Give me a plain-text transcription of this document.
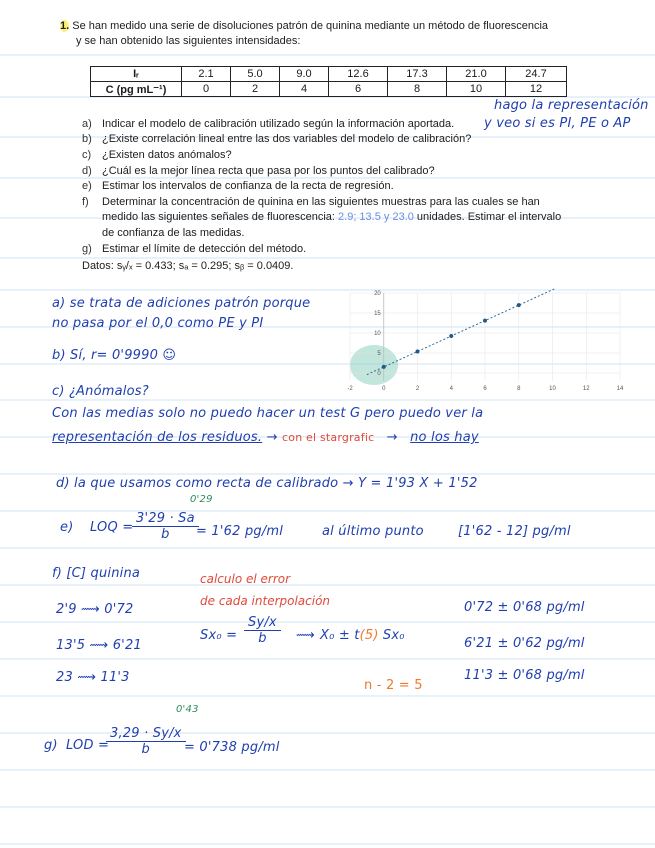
1. Se han medido una serie de disoluciones patrón de quinina mediante un método de fluorescencia
y se han obtenido las siguientes intensidades:
Iᵣ	2.1	5.0	9.0	12.6	17.3	21.0	24.7
C (pg mL⁻¹)	0	2	4	6	8	10	12
hago la representación
y veo si es PI, PE o AP
a) Indicar el modelo de calibración utilizado según la información aportada.
b) ¿Existe correlación lineal entre las dos variables del modelo de calibración?
c) ¿Existen datos anómalos?
d) ¿Cuál es la mejor línea recta que pasa por los puntos del calibrado?
e) Estimar los intervalos de confianza de la recta de regresión.
f) Determinar la concentración de quinina en las siguientes muestras para las cuales se han
medido las siguientes señales de fluorescencia: 2.9; 13.5 y 23.0 unidades. Estimar el intervalo
de confianza de las medidas.
g) Estimar el límite de detección del método.
Datos: sᵧ/ₓ = 0.433; sₐ = 0.295; sᵦ = 0.0409.
-2	0	2	4	6	8	10	12	14
20
15
10
5
0
a) se trata de adiciones patrón porque
no pasa por el 0,0 como PE y PI
b) Sí, r= 0'9990 ☺
c) ¿Anómalos?
Con las medias solo no puedo hacer un test G pero puedo ver la
representación de los residuos. → con el stargrafic → no los hay
d) la que usamos como recta de calibrado → Y = 1'93 X + 1'52
e) LOQ =
$\frac{3'29 \cdot Sa}{b}$
0'29
= 1'62 pg/ml	al último punto	[1'62 - 12] pg/ml
f) [C] quinina	calculo el error
de cada interpolación
2'9 ⟿ 0'72
13'5 ⟿ 6'21
23 ⟿ 11'3
$Sx_0 = \frac{Sy/x}{b}$ ⟿ X₀ ± t(5) Sx₀
n - 2 = 5
0'72 ± 0'68 pg/ml
6'21 ± 0'62 pg/ml
11'3 ± 0'68 pg/ml
g) LOD =
$\frac{3,29 \cdot Sy/x}{b}$
0'43
= 0'738 pg/ml
